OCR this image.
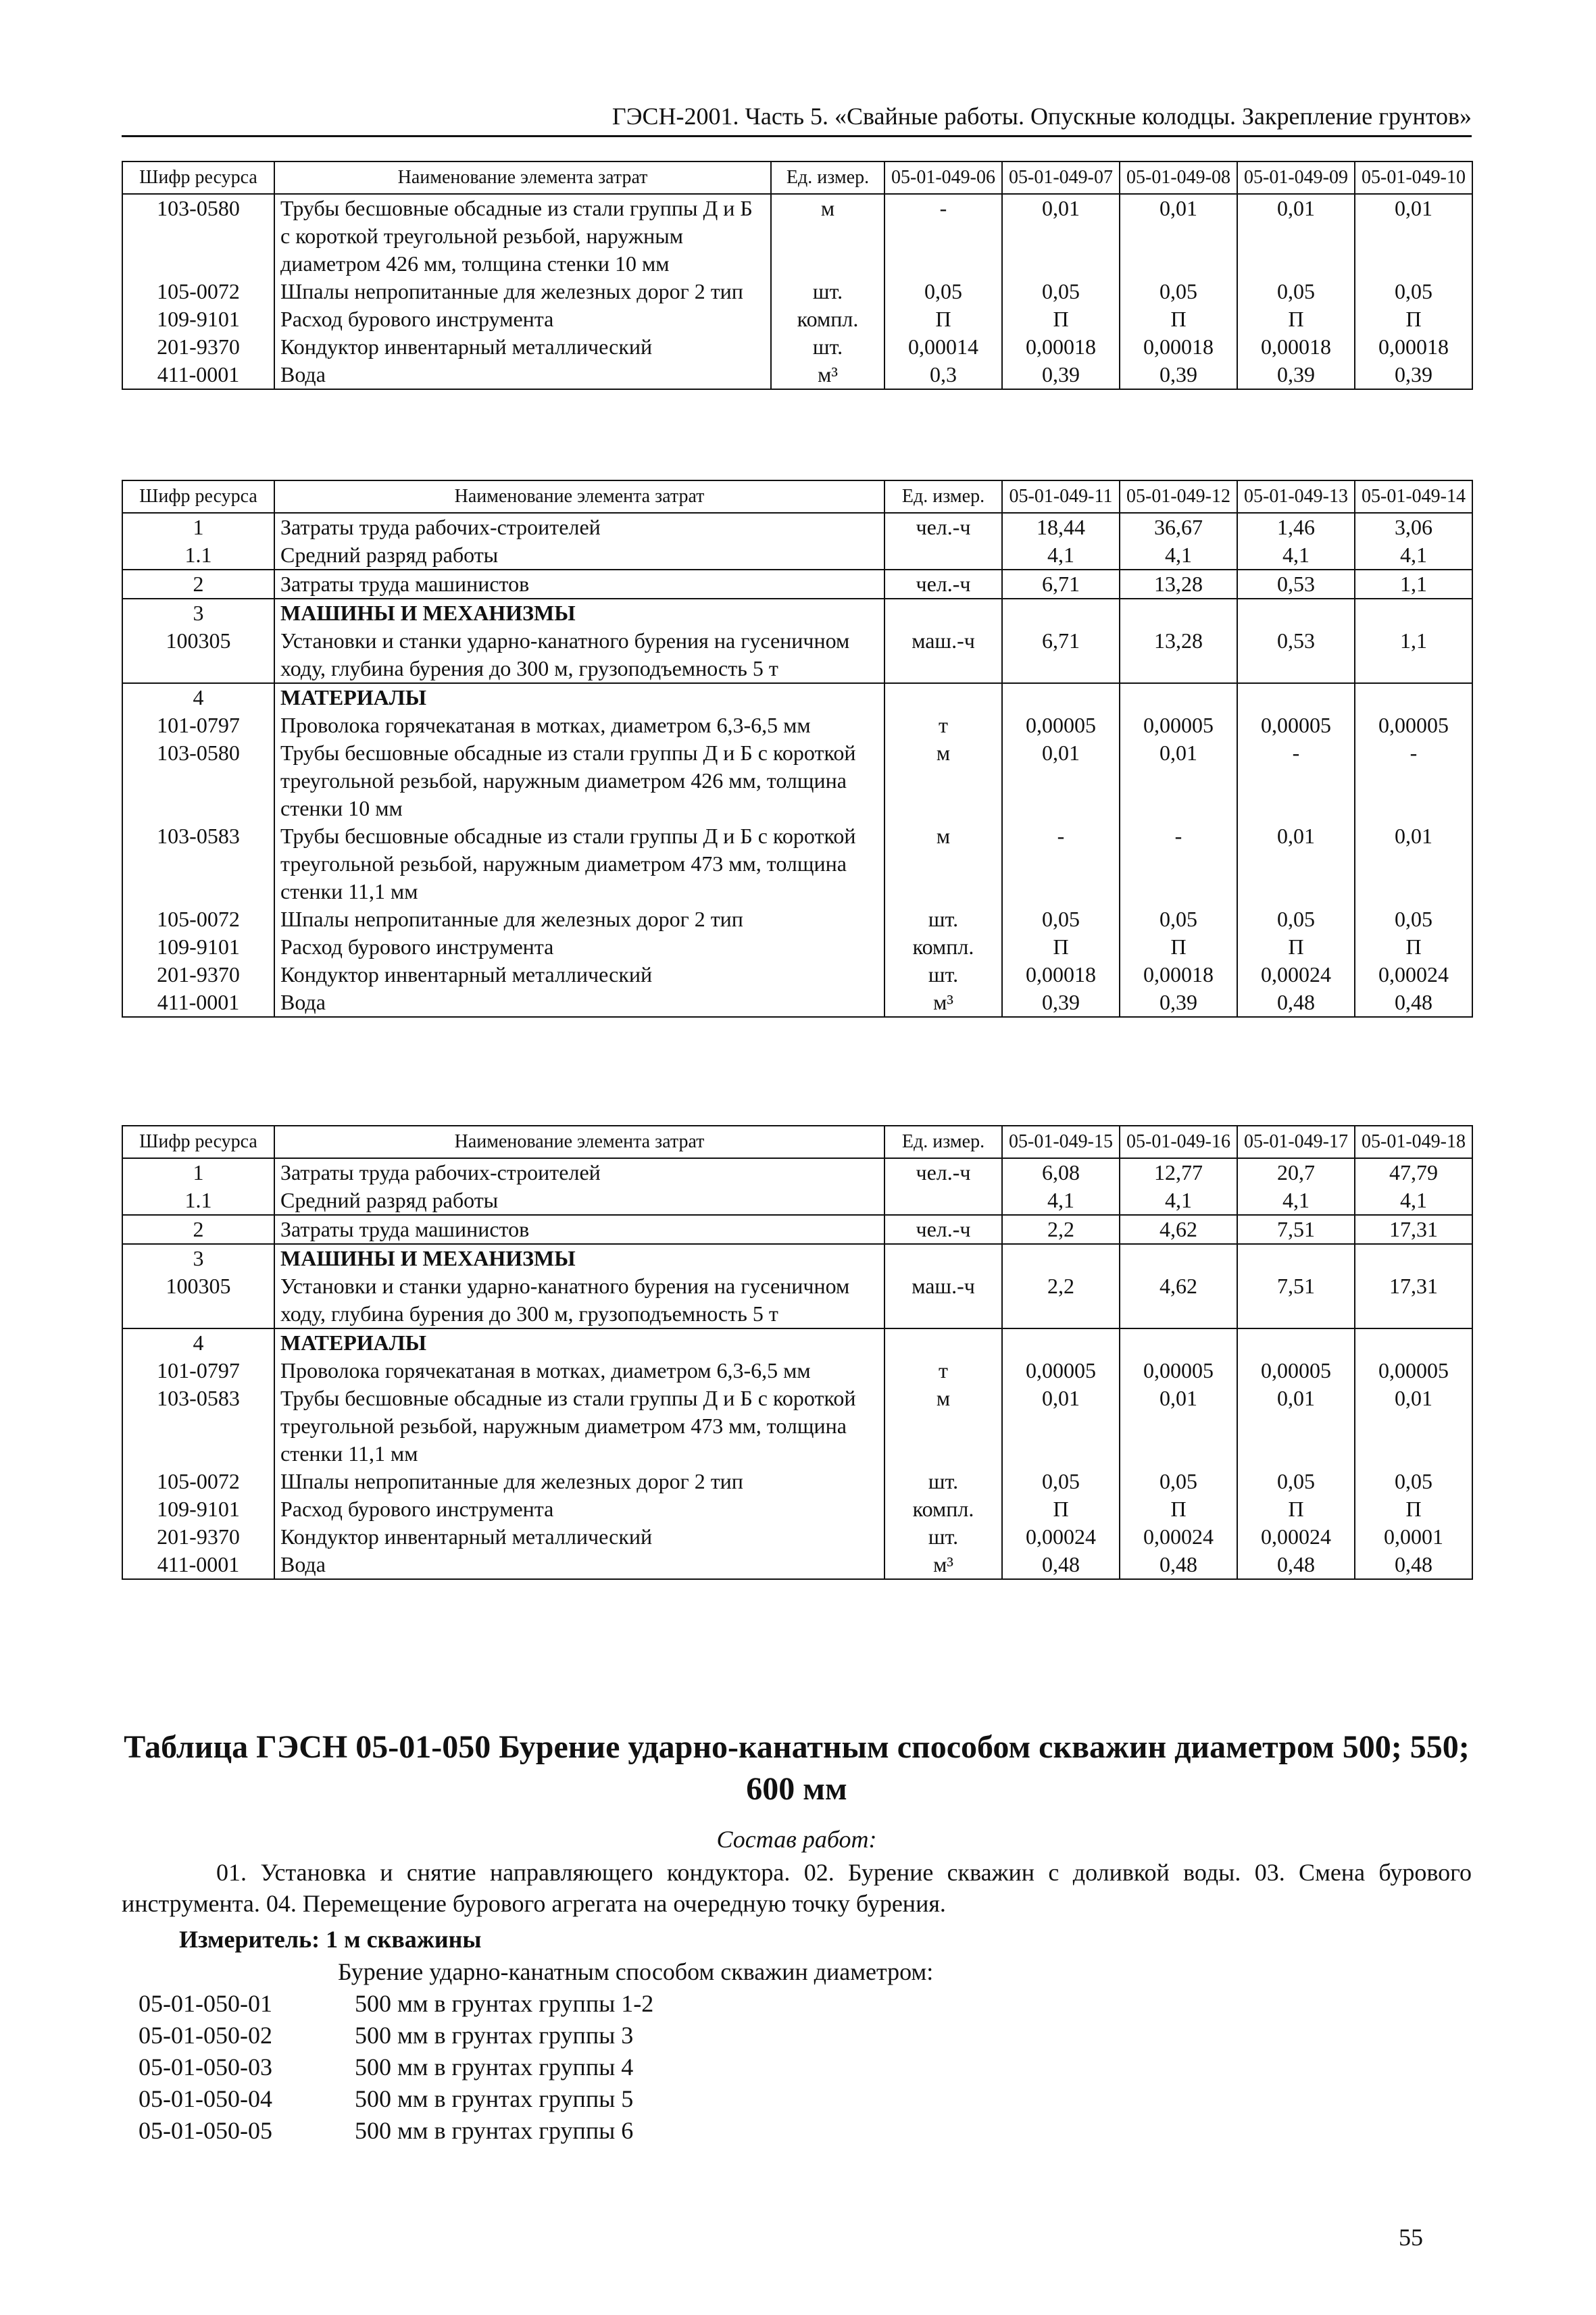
ГЭСН-2001. Часть 5. «Свайные работы. Опускные колодцы. Закрепление грунтов»
Шифр ресурса	Наименование элемента затрат	Ед. измер.	05-01-049-06	05-01-049-07	05-01-049-08	05-01-049-09	05-01-049-10
103-0580	Трубы бесшовные обсадные из стали группы Д и Б с короткой треугольной резьбой, наружным диаметром 426 мм, толщина стенки 10 мм	м	-	0,01	0,01	0,01	0,01
105-0072	Шпалы непропитанные для железных дорог 2 тип	шт.	0,05	0,05	0,05	0,05	0,05
109-9101	Расход бурового инструмента	компл.	П	П	П	П	П
201-9370	Кондуктор инвентарный металлический	шт.	0,00014	0,00018	0,00018	0,00018	0,00018
411-0001	Вода	м³	0,3	0,39	0,39	0,39	0,39
Шифр ресурса	Наименование элемента затрат	Ед. измер.	05-01-049-11	05-01-049-12	05-01-049-13	05-01-049-14
1	Затраты труда рабочих-строителей	чел.-ч	18,44	36,67	1,46	3,06
1.1	Средний разряд работы		4,1	4,1	4,1	4,1
2	Затраты труда машинистов	чел.-ч	6,71	13,28	0,53	1,1
3	МАШИНЫ И МЕХАНИЗМЫ					
100305	Установки и станки ударно-канатного бурения на гусеничном ходу, глубина бурения до 300 м, грузоподъемность 5 т	маш.-ч	6,71	13,28	0,53	1,1
4	МАТЕРИАЛЫ					
101-0797	Проволока горячекатаная в мотках, диаметром 6,3-6,5 мм	т	0,00005	0,00005	0,00005	0,00005
103-0580	Трубы бесшовные обсадные из стали группы Д и Б с короткой треугольной резьбой, наружным диаметром 426 мм, толщина стенки 10 мм	м	0,01	0,01	-	-
103-0583	Трубы бесшовные обсадные из стали группы Д и Б с короткой треугольной резьбой, наружным диаметром 473 мм, толщина стенки 11,1 мм	м	-	-	0,01	0,01
105-0072	Шпалы непропитанные для железных дорог 2 тип	шт.	0,05	0,05	0,05	0,05
109-9101	Расход бурового инструмента	компл.	П	П	П	П
201-9370	Кондуктор инвентарный металлический	шт.	0,00018	0,00018	0,00024	0,00024
411-0001	Вода	м³	0,39	0,39	0,48	0,48
Шифр ресурса	Наименование элемента затрат	Ед. измер.	05-01-049-15	05-01-049-16	05-01-049-17	05-01-049-18
1	Затраты труда рабочих-строителей	чел.-ч	6,08	12,77	20,7	47,79
1.1	Средний разряд работы		4,1	4,1	4,1	4,1
2	Затраты труда машинистов	чел.-ч	2,2	4,62	7,51	17,31
3	МАШИНЫ И МЕХАНИЗМЫ					
100305	Установки и станки ударно-канатного бурения на гусеничном ходу, глубина бурения до 300 м, грузоподъемность 5 т	маш.-ч	2,2	4,62	7,51	17,31
4	МАТЕРИАЛЫ					
101-0797	Проволока горячекатаная в мотках, диаметром 6,3-6,5 мм	т	0,00005	0,00005	0,00005	0,00005
103-0583	Трубы бесшовные обсадные из стали группы Д и Б с короткой треугольной резьбой, наружным диаметром 473 мм, толщина стенки 11,1 мм	м	0,01	0,01	0,01	0,01
105-0072	Шпалы непропитанные для железных дорог 2 тип	шт.	0,05	0,05	0,05	0,05
109-9101	Расход бурового инструмента	компл.	П	П	П	П
201-9370	Кондуктор инвентарный металлический	шт.	0,00024	0,00024	0,00024	0,0001
411-0001	Вода	м³	0,48	0,48	0,48	0,48
Таблица ГЭСН 05-01-050 Бурение ударно-канатным способом скважин диаметром 500; 550; 600 мм
Состав работ:
01. Установка и снятие направляющего кондуктора. 02. Бурение скважин с доливкой воды. 03. Смена бурового инструмента. 04. Перемещение бурового агрегата на очередную точку бурения.
Измеритель: 1 м скважины
Бурение ударно-канатным способом скважин диаметром:
05-01-050-01	500 мм в грунтах группы 1-2
05-01-050-02	500 мм в грунтах группы 3
05-01-050-03	500 мм в грунтах группы 4
05-01-050-04	500 мм в грунтах группы 5
05-01-050-05	500 мм в грунтах группы 6
55
